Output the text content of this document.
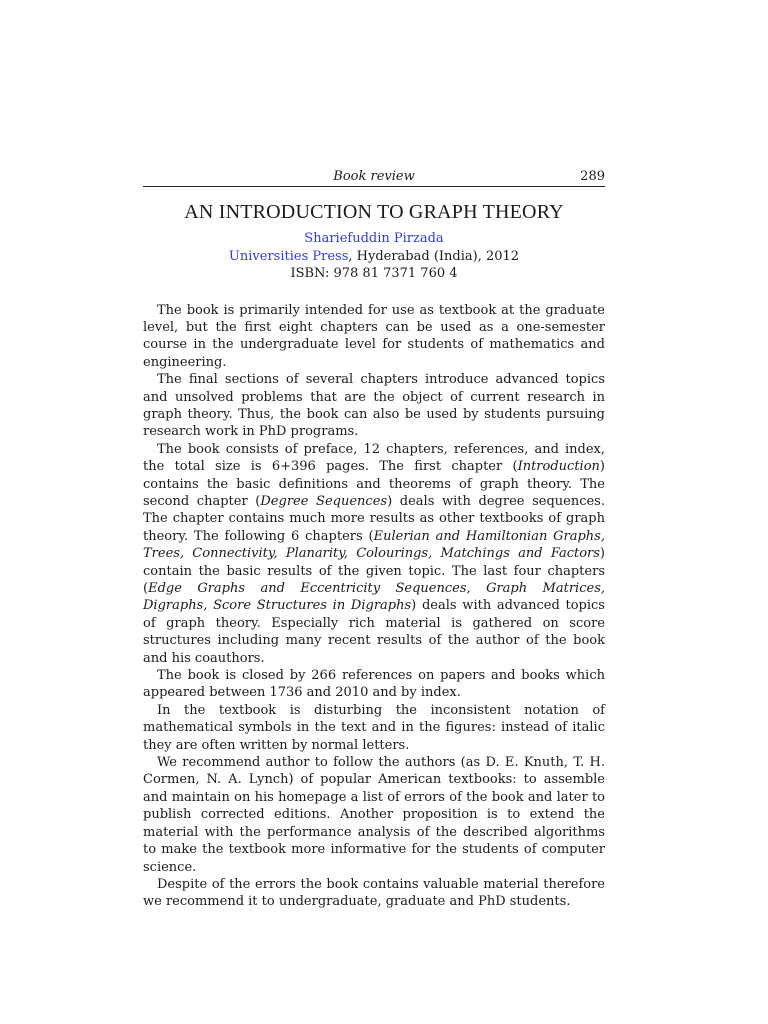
Book review	289
AN INTRODUCTION TO GRAPH THEORY
Shariefuddin Pirzada
Universities Press, Hyderabad (India), 2012
ISBN: 978 81 7371 760 4

The book is primarily intended for use as textbook at the graduate level, but the first eight chapters can be used as a one-semester course in the undergraduate level for students of mathematics and engineering.

The final sections of several chapters introduce advanced topics and unsolved problems that are the object of current research in graph theory. Thus, the book can also be used by students pursuing research work in PhD programs.

The book consists of preface, 12 chapters, references, and index, the total size is 6+396 pages. The first chapter (Introduction) contains the basic definitions and theorems of graph theory. The second chapter (Degree Sequences) deals with degree sequences. The chapter contains much more results as other textbooks of graph theory. The following 6 chapters (Eulerian and Hamiltonian Graphs, Trees, Connectivity, Planarity, Colourings, Matchings and Factors) contain the basic results of the given topic. The last four chapters (Edge Graphs and Eccentricity Sequences, Graph Matrices, Digraphs, Score Structures in Digraphs) deals with advanced topics of graph theory. Especially rich material is gathered on score structures including many recent results of the author of the book and his coauthors.

The book is closed by 266 references on papers and books which appeared between 1736 and 2010 and by index.

In the textbook is disturbing the inconsistent notation of mathematical symbols in the text and in the figures: instead of italic they are often written by normal letters.

We recommend author to follow the authors (as D. E. Knuth, T. H. Cormen, N. A. Lynch) of popular American textbooks: to assemble and maintain on his homepage a list of errors of the book and later to publish corrected editions. Another proposition is to extend the material with the performance analysis of the described algorithms to make the textbook more informative for the students of computer science.

Despite of the errors the book contains valuable material therefore we recommend it to undergraduate, graduate and PhD students.
